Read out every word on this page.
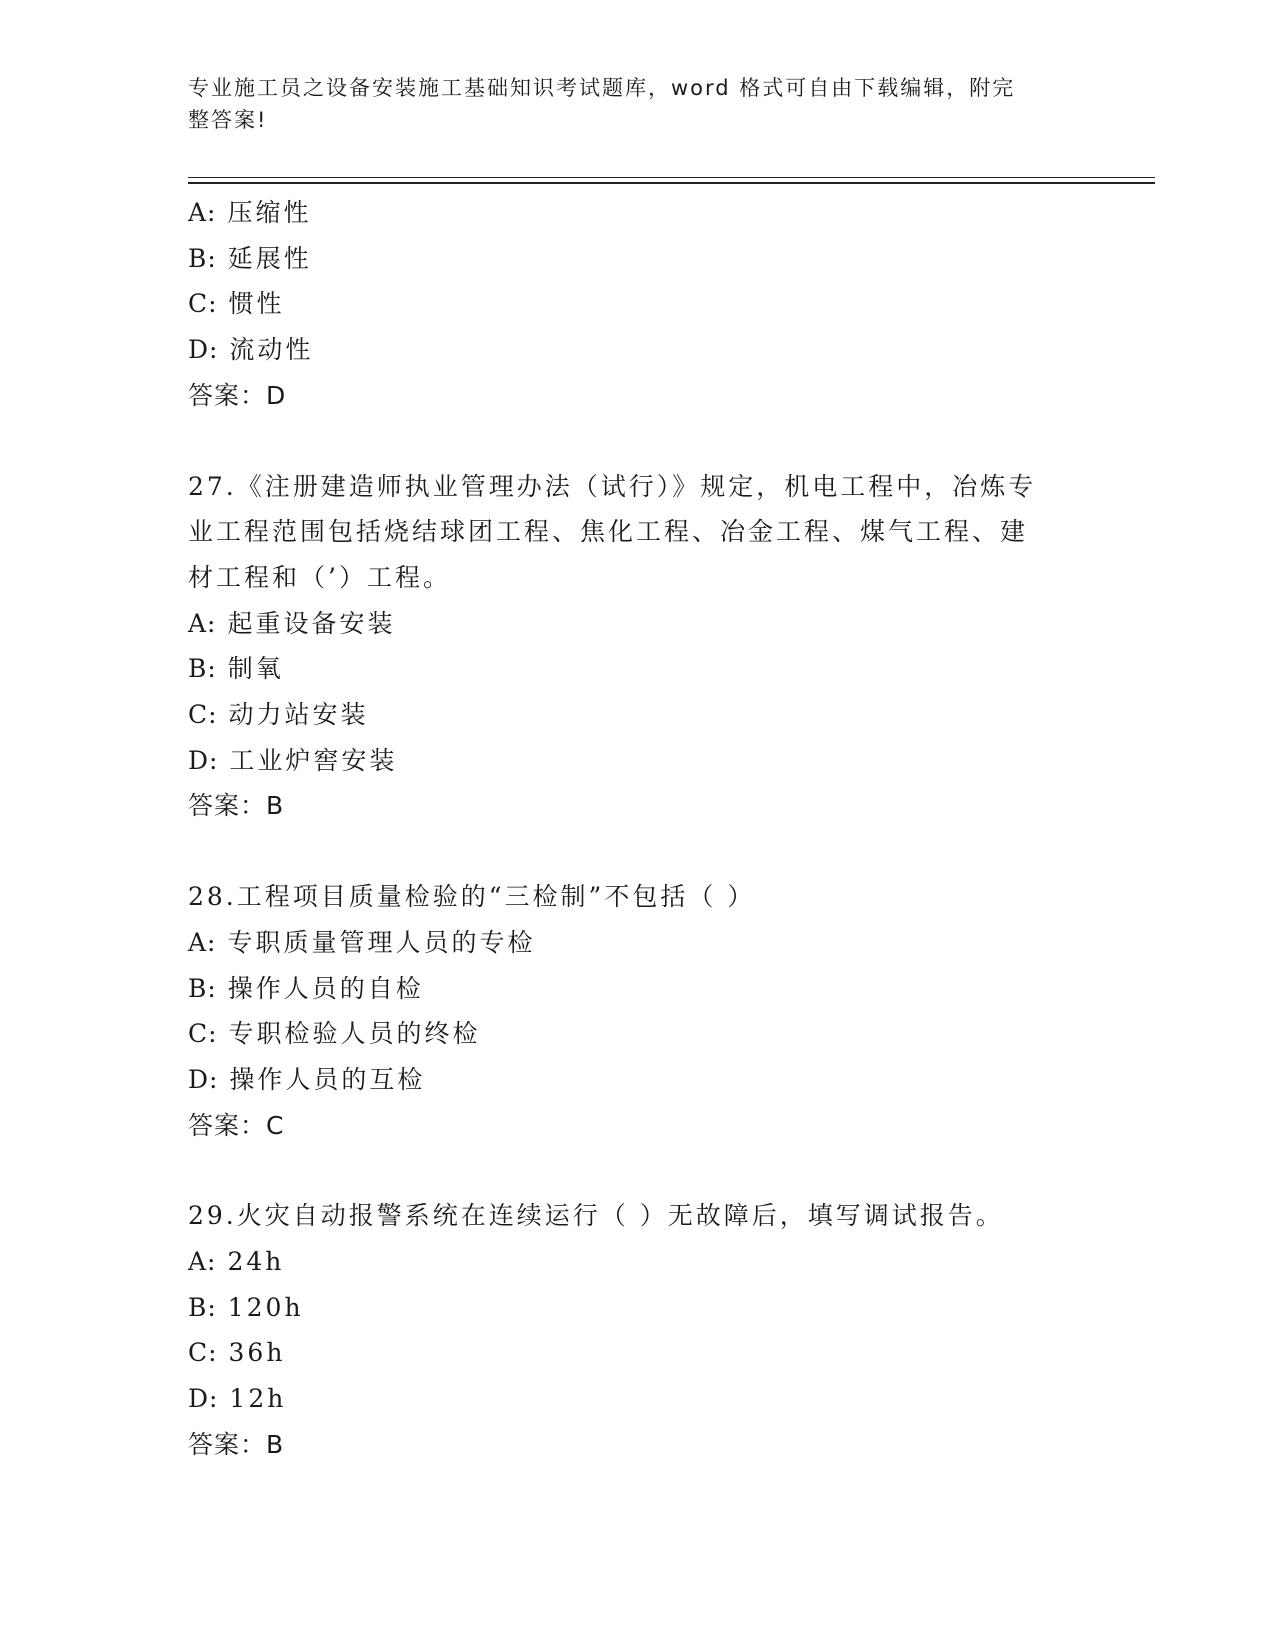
专业施工员之设备安装施工基础知识考试题库，word 格式可自由下载编辑，附完
整答案!
A: 压缩性
B: 延展性
C: 惯性
D: 流动性
答案：D
27.《注册建造师执业管理办法（试行）》规定，机电工程中，冶炼专
业工程范围包括烧结球团工程、焦化工程、冶金工程、煤气工程、建
材工程和（’）工程。
A: 起重设备安装
B: 制氧
C: 动力站安装
D: 工业炉窖安装
答案：B
28.工程项目质量检验的“三检制”不包括（ ）
A: 专职质量管理人员的专检
B: 操作人员的自检
C: 专职检验人员的终检
D: 操作人员的互检
答案：C
29.火灾自动报警系统在连续运行（ ）无故障后，填写调试报告。
A: 24h
B: 120h
C: 36h
D: 12h
答案：B
